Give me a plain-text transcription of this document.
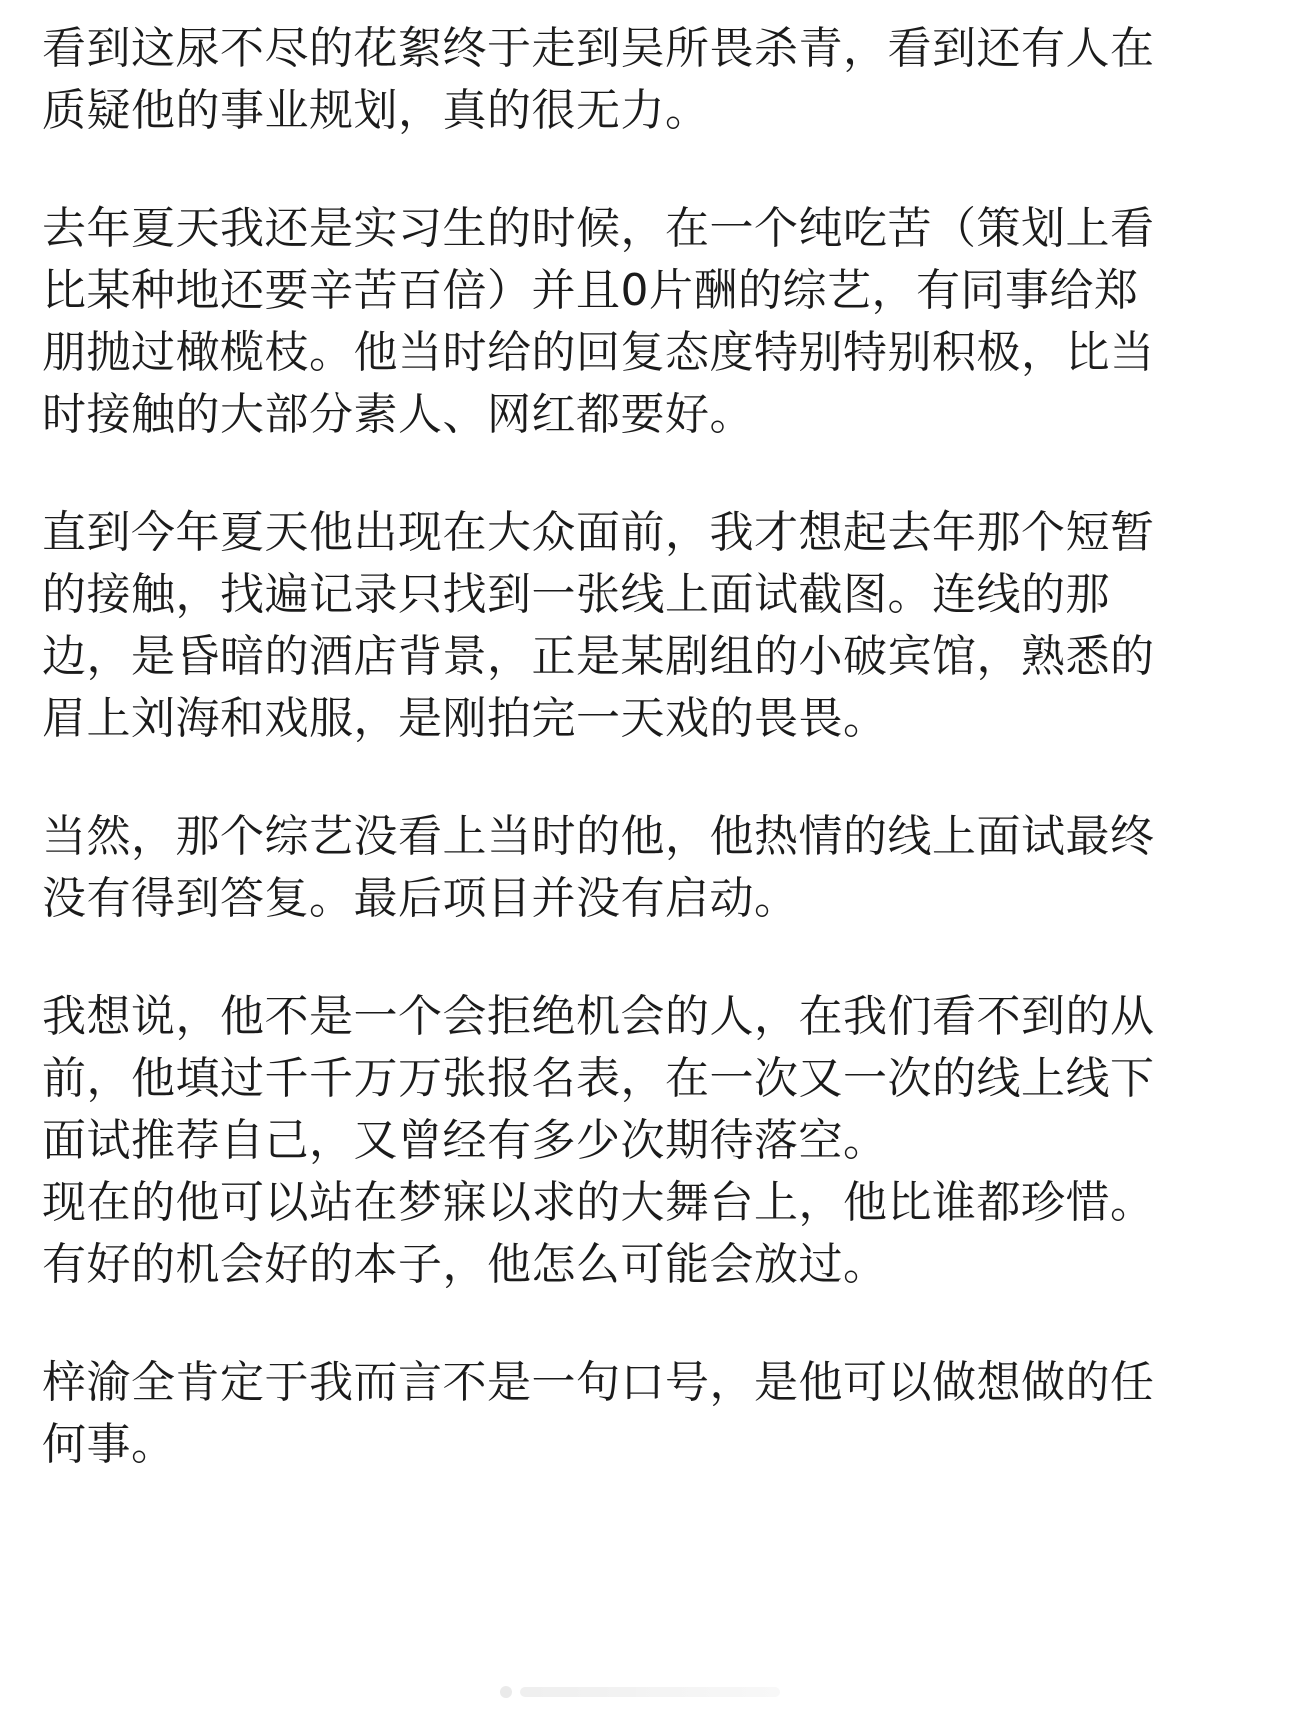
看到这尿不尽的花絮终于走到吴所畏杀青，看到还有人在
质疑他的事业规划，真的很无力。
去年夏天我还是实习生的时候，在一个纯吃苦（策划上看
比某种地还要辛苦百倍）并且0片酬的综艺，有同事给郑
朋抛过橄榄枝。他当时给的回复态度特别特别积极，比当
时接触的大部分素人、网红都要好。
直到今年夏天他出现在大众面前，我才想起去年那个短暂
的接触，找遍记录只找到一张线上面试截图。连线的那
边，是昏暗的酒店背景，正是某剧组的小破宾馆，熟悉的
眉上刘海和戏服，是刚拍完一天戏的畏畏。
当然，那个综艺没看上当时的他，他热情的线上面试最终
没有得到答复。最后项目并没有启动。
我想说，他不是一个会拒绝机会的人，在我们看不到的从
前，他填过千千万万张报名表，在一次又一次的线上线下
面试推荐自己，又曾经有多少次期待落空。
现在的他可以站在梦寐以求的大舞台上，他比谁都珍惜。
有好的机会好的本子，他怎么可能会放过。
梓渝全肯定于我而言不是一句口号，是他可以做想做的任
何事。
